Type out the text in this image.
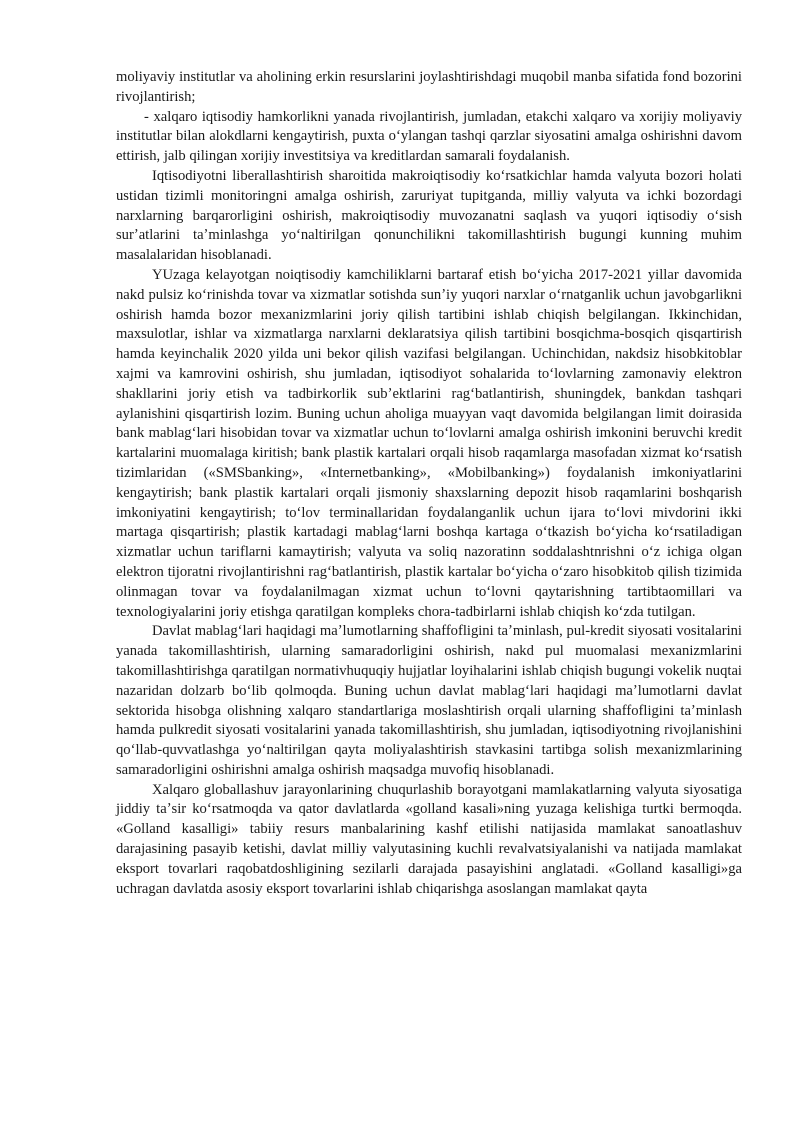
moliyaviy institutlar va aholining erkin resurslarini joylashtirishdagi muqobil manba sifatida fond bozorini rivojlantirish;

- xalqaro iqtisodiy hamkorlikni yanada rivojlantirish, jumladan, etakchi xalqaro va xorijiy moliyaviy institutlar bilan alokdlarni kengaytirish, puxta oʻylangan tashqi qarzlar siyosatini amalga oshirishni davom ettirish, jalb qilingan xorijiy investitsiya va kreditlardan samarali foydalanish.

Iqtisodiyotni liberallashtirish sharoitida makroiqtisodiy koʻrsatkichlar hamda valyuta bozori holati ustidan tizimli monitoringni amalga oshirish, zaruriyat tupitganda, milliy valyuta va ichki bozordagi narxlarning barqarorligini oshirish, makroiqtisodiy muvozanatni saqlash va yuqori iqtisodiy oʻsish surʼatlarini taʼminlashga yoʻnaltirilgan qonunchilikni takomillashtirish bugungi kunning muhim masalalaridan hisoblanadi.

YUzaga kelayotgan noiqtisodiy kamchiliklarni bartaraf etish boʻyicha 2017-2021 yillar davomida nakd pulsiz koʻrinishda tovar va xizmatlar sotishda sunʼiy yuqori narxlar oʻrnatganlik uchun javobgarlikni oshirish hamda bozor mexanizmlarini joriy qilish tartibini ishlab chiqish belgilangan. Ikkinchidan, maxsulotlar, ishlar va xizmatlarga narxlarni deklaratsiya qilish tartibini bosqichma-bosqich qisqartirish hamda keyinchalik 2020 yilda uni bekor qilish vazifasi belgilangan. Uchinchidan, nakdsiz hisobkitoblar xajmi va kamrovini oshirish, shu jumladan, iqtisodiyot sohalarida toʻlovlarning zamonaviy elektron shakllarini joriy etish va tadbirkorlik subʼektlarini ragʻbatlantirish, shuningdek, bankdan tashqari aylanishini qisqartirish lozim. Buning uchun aholiga muayyan vaqt davomida belgilangan limit doirasida bank mablagʻlari hisobidan tovar va xizmatlar uchun toʻlovlarni amalga oshirish imkonini beruvchi kredit kartalarini muomalaga kiritish; bank plastik kartalari orqali hisob raqamlarga masofadan xizmat koʻrsatish tizimlaridan («SMSbanking», «Internetbanking», «Mobilbanking») foydalanish imkoniyatlarini kengaytirish; bank plastik kartalari orqali jismoniy shaxslarning depozit hisob raqamlarini boshqarish imkoniyatini kengaytirish; toʻlov terminallaridan foydalanganlik uchun ijara toʻlovi mivdorini ikki martaga qisqartirish; plastik kartadagi mablagʻlarni boshqa kartaga oʻtkazish boʻyicha koʻrsatiladigan xizmatlar uchun tariflarni kamaytirish; valyuta va soliq nazoratinn soddalashtnrishni oʻz ichiga olgan elektron tijoratni rivojlantirishni ragʻbatlantirish, plastik kartalar boʻyicha oʻzaro hisobkitob qilish tizimida olinmagan tovar va foydalanilmagan xizmat uchun toʻlovni qaytarishning tartibtaomillari va texnologiyalarini joriy etishga qaratilgan kompleks chora-tadbirlarni ishlab chiqish koʻzda tutilgan.

Davlat mablagʻlari haqidagi maʼlumotlarning shaffofligini taʼminlash, pul-kredit siyosati vositalarini yanada takomillashtirish, ularning samaradorligini oshirish, nakd pul muomalasi mexanizmlarini takomillashtirishga qaratilgan normativhuquqiy hujjatlar loyihalarini ishlab chiqish bugungi vokelik nuqtai nazaridan dolzarb boʻlib qolmoqda. Buning uchun davlat mablagʻlari haqidagi maʼlumotlarni davlat sektorida hisobga olishning xalqaro standartlariga moslashtirish orqali ularning shaffofligini taʼminlash hamda pulkredit siyosati vositalarini yanada takomillashtirish, shu jumladan, iqtisodiyotning rivojlanishini qoʻllab-quvvatlashga yoʻnaltirilgan qayta moliyalashtirish stavkasini tartibga solish mexanizmlarining samaradorligini oshirishni amalga oshirish maqsadga muvofiq hisoblanadi.

Xalqaro globallashuv jarayonlarining chuqurlashib borayotgani mamlakatlarning valyuta siyosatiga jiddiy taʼsir koʻrsatmoqda va qator davlatlarda «golland kasali»ning yuzaga kelishiga turtki bermoqda. «Golland kasalligi» tabiiy resurs manbalarining kashf etilishi natijasida mamlakat sanoatlashuv darajasining pasayib ketishi, davlat milliy valyutasining kuchli revalvatsiyalanishi va natijada mamlakat eksport tovarlari raqobatdoshligining sezilarli darajada pasayishini anglatadi. «Golland kasalligi»ga uchragan davlatda asosiy eksport tovarlarini ishlab chiqarishga asoslangan mamlakat qayta
